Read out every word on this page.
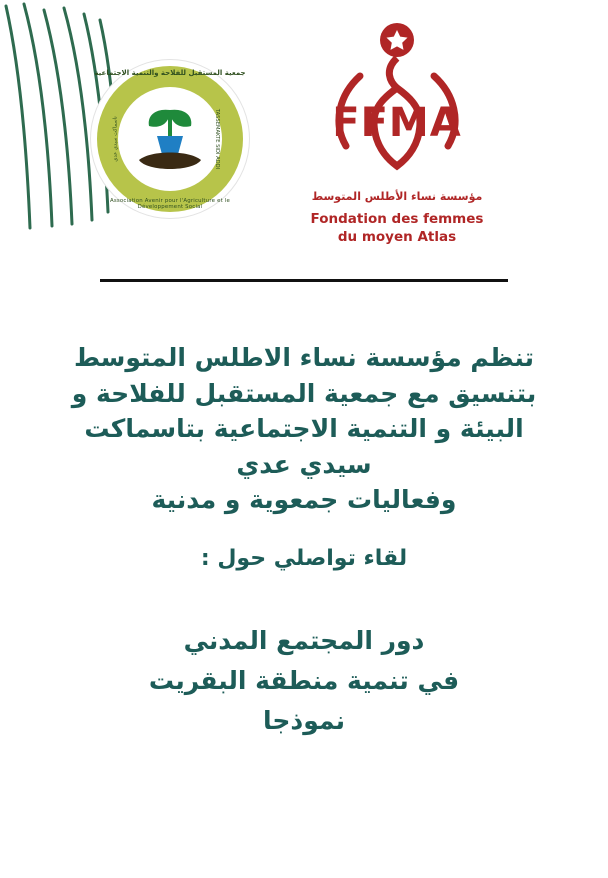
FFMA
مؤسسة نساء الأطلس المتوسط
Fondation des femmes
du moyen Atlas
جمعية المستقبل للفلاحة والتنمية الاجتماعية
Association Avenir pour l'Agriculture et le Développement Social
تاسماكت سيدي عدي	TASSEMAKTE SIDI ADDI
تنظم مؤسسة نساء الاطلس المتوسط
بتنسيق مع جمعية المستقبل للفلاحة و
البيئة و التنمية الاجتماعية بتاسماكت
سيدي عدي
وفعاليات جمعوية و مدنية
لقاء تواصلي حول :
دور المجتمع المدني
في تنمية منطقة البقريت
نموذجا
